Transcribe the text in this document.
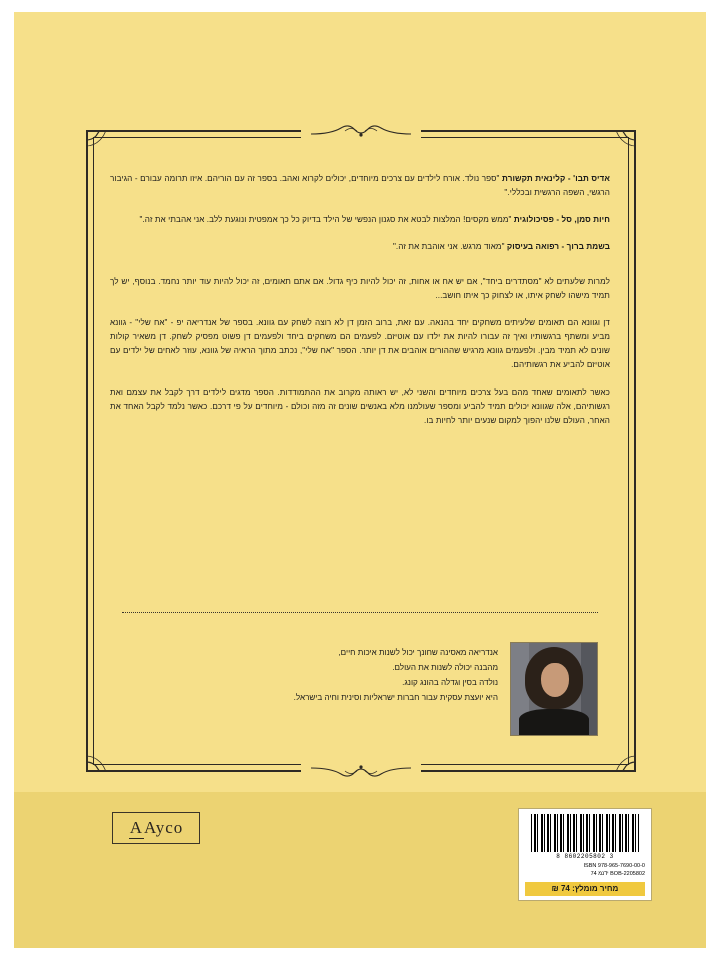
אדיס תבו' - קלינאית תקשורת "ספר נולד. אורח לילדים עם צרכים מיוחדים, יכולים לקרוא ואהב. בספר זה עם הוריהם. איזו תרומה עבורם - הגיבור הרגשי, השפה הרגשית ובכללי."

חיות סמן, סל - פסיכולוגית "ממש מקסים! המלצות לבטא את סגנון הנפשי של הילד בדיוק כל כך אמפטית ונוגעת ללב. אני אהבתי את זה."

בשמת ברוך - רפואה בעיסוק "מאוד מרגש. אני אוהבת את זה."

למרות שלעתים לא "מסתדרים ביחד", אם יש אח או אחות, זה יכול להיות כיף גדול. אם אתם תאומים, זה יכול להיות עוד יותר נחמד. בנוסף, יש לך תמיד מישהו לשחק איתו, או לצחוק כך איתו חושב...

דן וגוונא הם תאומים שלעיתים משחקים יחד בהנאה. עם זאת, ברוב הזמן דן לא רוצה לשחק עם גוונא. בספר של אנדריאה יפ - "אח שלי" - גוונא מביע ומשתף ברגשותיו ואיך זה עבורו להיות את ילדו עם אוטיזם. לפעמים הם משחקים ביחד ולפעמים דן פשוט מפסיק לשחק. דן משאיר קולות שונים לא תמיד מבין. ולפעמים גוונא מרגיש שההורים אוהבים את דן יותר. הספר "אח שלי", נכתב מתוך הראיה של גוונא, עוזר לאחים של ילדים עם אוטיזם להביע את רגשותיהם.

כאשר לתאומים שאחד מהם בעל צרכים מיוחדים והשני לא, יש ראותה מקרוב את ההתמודדות. הספר מדגים לילדים דרך לקבל את עצמם ואת רגשותיהם, אלה שגוונא יכולים תמיד להביע ומספר שעולמנו מלא באנשים שונים זה מזה וכולם - מיוחדים על פי דרכם. כאשר נלמד לקבל האחד את האחר, העולם שלנו יהפוך למקום שנעים יותר לחיות בו.

אנדריאה מאסינה שחונך יכול לשנות איכות חיים,

מהבנה יכולה לשנות את העולם.

נולדה בסין וגדלה בהונג קונג.

היא יועצת עסקית עבור חברות ישראליות וסינית וחיה בישראל.

A Ayco
8 8602205802 3
ISBN 978-965-7690-00-0
BOB-2205802 ידנמ 74
מחיר מומלץ: 74 ₪
